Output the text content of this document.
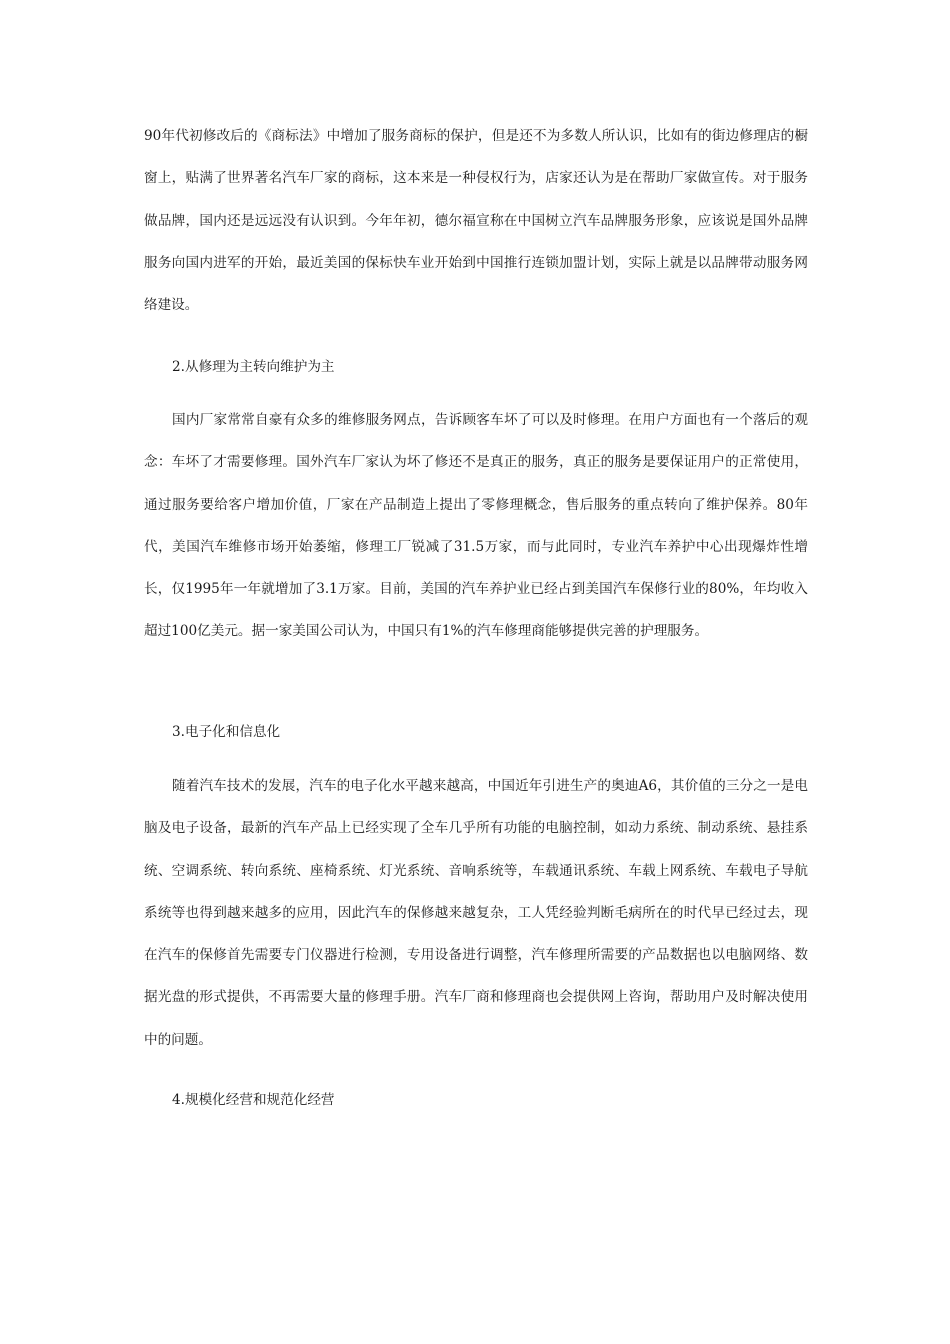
90年代初修改后的《商标法》中增加了服务商标的保护，但是还不为多数人所认识，比如有的街边修理店的橱窗上，贴满了世界著名汽车厂家的商标，这本来是一种侵权行为，店家还认为是在帮助厂家做宣传。对于服务做品牌，国内还是远远没有认识到。今年年初，德尔福宣称在中国树立汽车品牌服务形象，应该说是国外品牌服务向国内进军的开始，最近美国的保标快车业开始到中国推行连锁加盟计划，实际上就是以品牌带动服务网络建设。

2.从修理为主转向维护为主

国内厂家常常自豪有众多的维修服务网点，告诉顾客车坏了可以及时修理。在用户方面也有一个落后的观念：车坏了才需要修理。国外汽车厂家认为坏了修还不是真正的服务，真正的服务是要保证用户的正常使用，通过服务要给客户增加价值，厂家在产品制造上提出了零修理概念，售后服务的重点转向了维护保养。80年代，美国汽车维修市场开始萎缩，修理工厂锐减了31.5万家，而与此同时，专业汽车养护中心出现爆炸性增长，仅1995年一年就增加了3.1万家。目前，美国的汽车养护业已经占到美国汽车保修行业的80%，年均收入超过100亿美元。据一家美国公司认为，中国只有1%的汽车修理商能够提供完善的护理服务。

3.电子化和信息化

随着汽车技术的发展，汽车的电子化水平越来越高，中国近年引进生产的奥迪A6，其价值的三分之一是电脑及电子设备，最新的汽车产品上已经实现了全车几乎所有功能的电脑控制，如动力系统、制动系统、悬挂系统、空调系统、转向系统、座椅系统、灯光系统、音响系统等，车载通讯系统、车载上网系统、车载电子导航系统等也得到越来越多的应用，因此汽车的保修越来越复杂，工人凭经验判断毛病所在的时代早已经过去，现在汽车的保修首先需要专门仪器进行检测，专用设备进行调整，汽车修理所需要的产品数据也以电脑网络、数据光盘的形式提供，不再需要大量的修理手册。汽车厂商和修理商也会提供网上咨询，帮助用户及时解决使用中的问题。

4.规模化经营和规范化经营
